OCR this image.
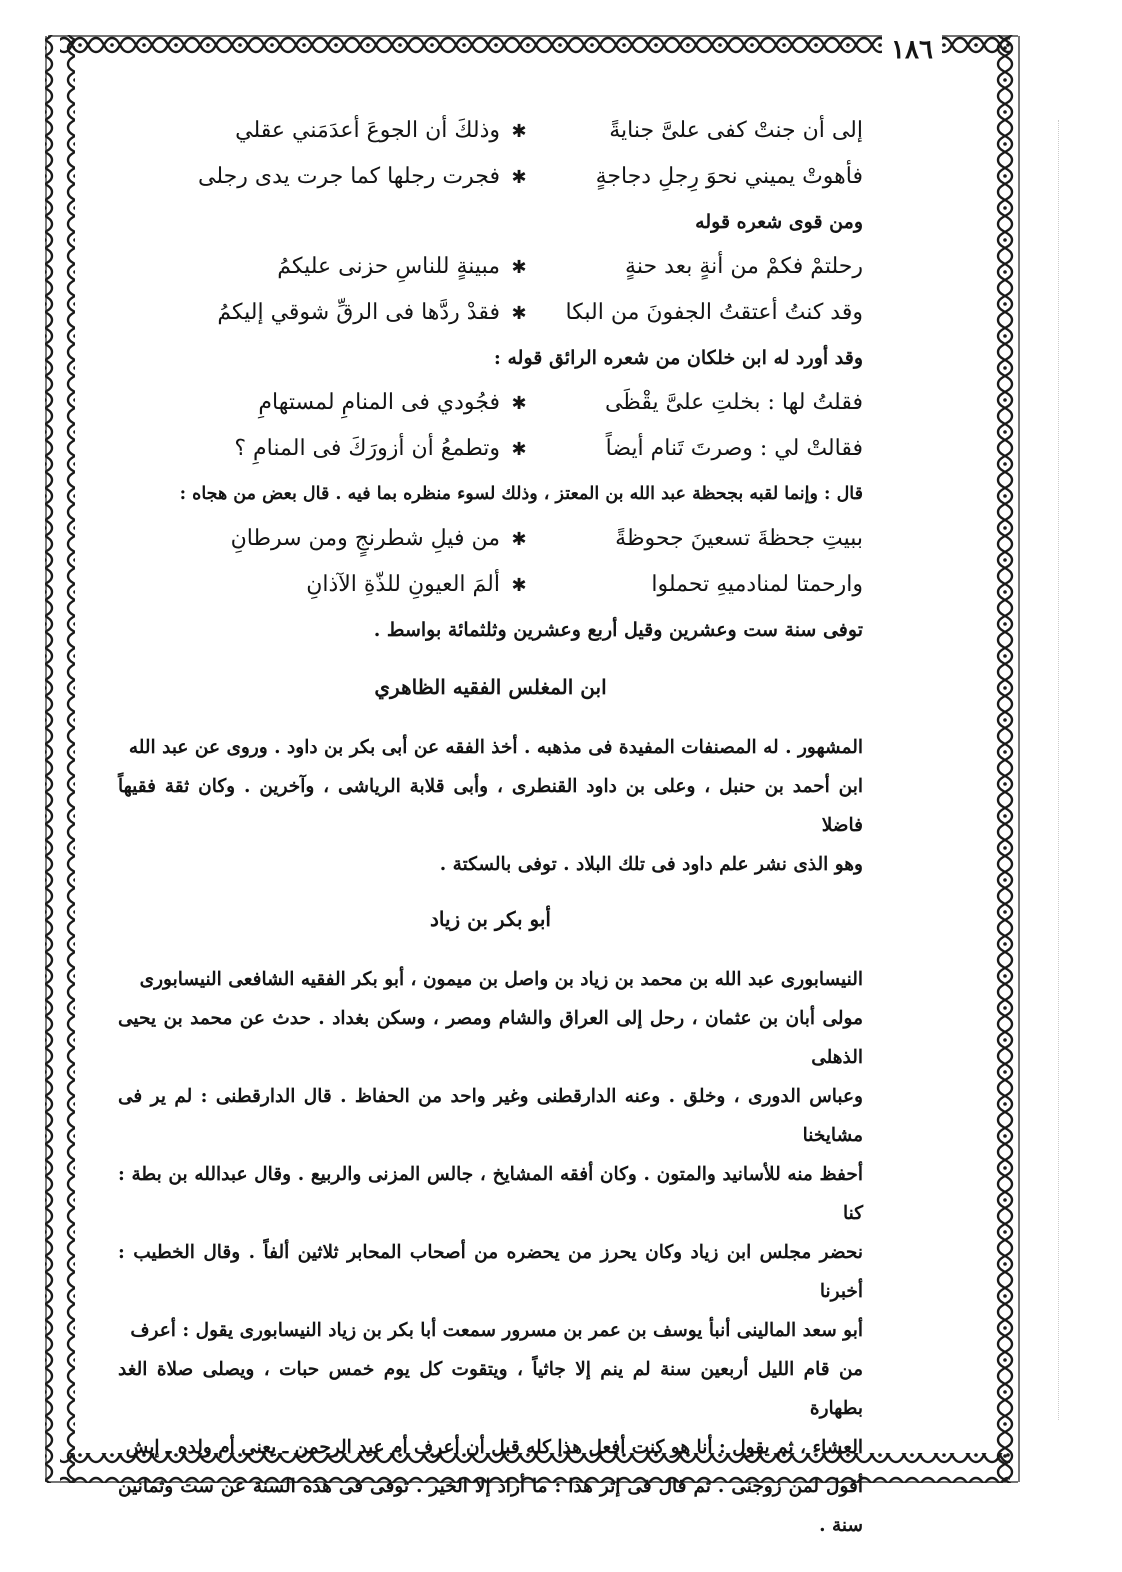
١٨٦
إلى أن جنتْ كفى علىَّ جنايةً
✱
وذلكَ أن الجوعَ أعدَمَني عقلي
فأهوتْ يميني نحوَ رِجلِ دجاجةٍ
✱
فجرت رجلها كما جرت يدى رجلى
ومن قوى شعره قوله
رحلتمْ فكمْ من أنةٍ بعد حنةٍ
✱
مبينةٍ للناسِ حزنى عليكمُ
وقد كنتُ أعتقتُ الجفونَ من البكا
✱
فقدْ ردَّها فى الرقِّ شوقي إليكمُ
وقد أورد له ابن خلكان من شعره الرائق قوله :
فقلتُ لها : بخلتِ علىَّ يقْظَى
✱
فجُودي فى المنامِ لمستهامِ
فقالتْ لي : وصرتَ تَنام أيضاً
✱
وتطمعُ أن أزورَكَ فى المنامِ ؟
قال : وإنما لقبه بجحظة عبد الله بن المعتز ، وذلك لسوء منظره بما فيه . قال بعض من هجاه :
ببيتِ جحظةَ تسعينَ جحوظةً
✱
من فيلِ شطرنجٍ ومن سرطانِ
وارحمتا لمنادميهِ تحملوا
✱
ألمَ العيونِ للذّةِ الآذانِ
توفى سنة ست وعشرين وقيل أربع وعشرين وثلثمائة بواسط .
ابن المغلس الفقيه الظاهري
المشهور . له المصنفات المفيدة فى مذهبه . أخذ الفقه عن أبى بكر بن داود . وروى عن عبد الله
ابن أحمد بن حنبل ، وعلى بن داود القنطرى ، وأبى قلابة الرياشى ، وآخرين . وكان ثقة فقيهاً فاضلا
وهو الذى نشر علم داود فى تلك البلاد . توفى بالسكتة .
أبو بكر بن زياد
النيسابورى عبد الله بن محمد بن زياد بن واصل بن ميمون ، أبو بكر الفقيه الشافعى النيسابورى
مولى أبان بن عثمان ، رحل إلى العراق والشام ومصر ، وسكن بغداد . حدث عن محمد بن يحيى الذهلى
وعباس الدورى ، وخلق . وعنه الدارقطنى وغير واحد من الحفاظ . قال الدارقطنى : لم ير فى مشايخنا
أحفظ منه للأسانيد والمتون . وكان أفقه المشايخ ، جالس المزنى والربيع . وقال عبدالله بن بطة : كنا
نحضر مجلس ابن زياد وكان يحرز من يحضره من أصحاب المحابر ثلاثين ألفاً . وقال الخطيب : أخبرنا
أبو سعد المالينى أنبأ يوسف بن عمر بن مسرور سمعت أبا بكر بن زياد النيسابورى يقول : أعرف
من قام الليل أربعين سنة لم ينم إلا جاثياً ، ويتقوت كل يوم خمس حبات ، ويصلى صلاة الغد بطهارة
العشاء ، ثم يقول : أنا هو كنت أفعل هذا كله قبل أن أعرف أم عبد الرحمن ـ يعنى أم ولده ـ إيش
أقول لمن زوجنى . ثم قال فى إثر هذا : ما أراد إلا الخير . توفى فى هذه السنة عن ست وثمانين سنة .
